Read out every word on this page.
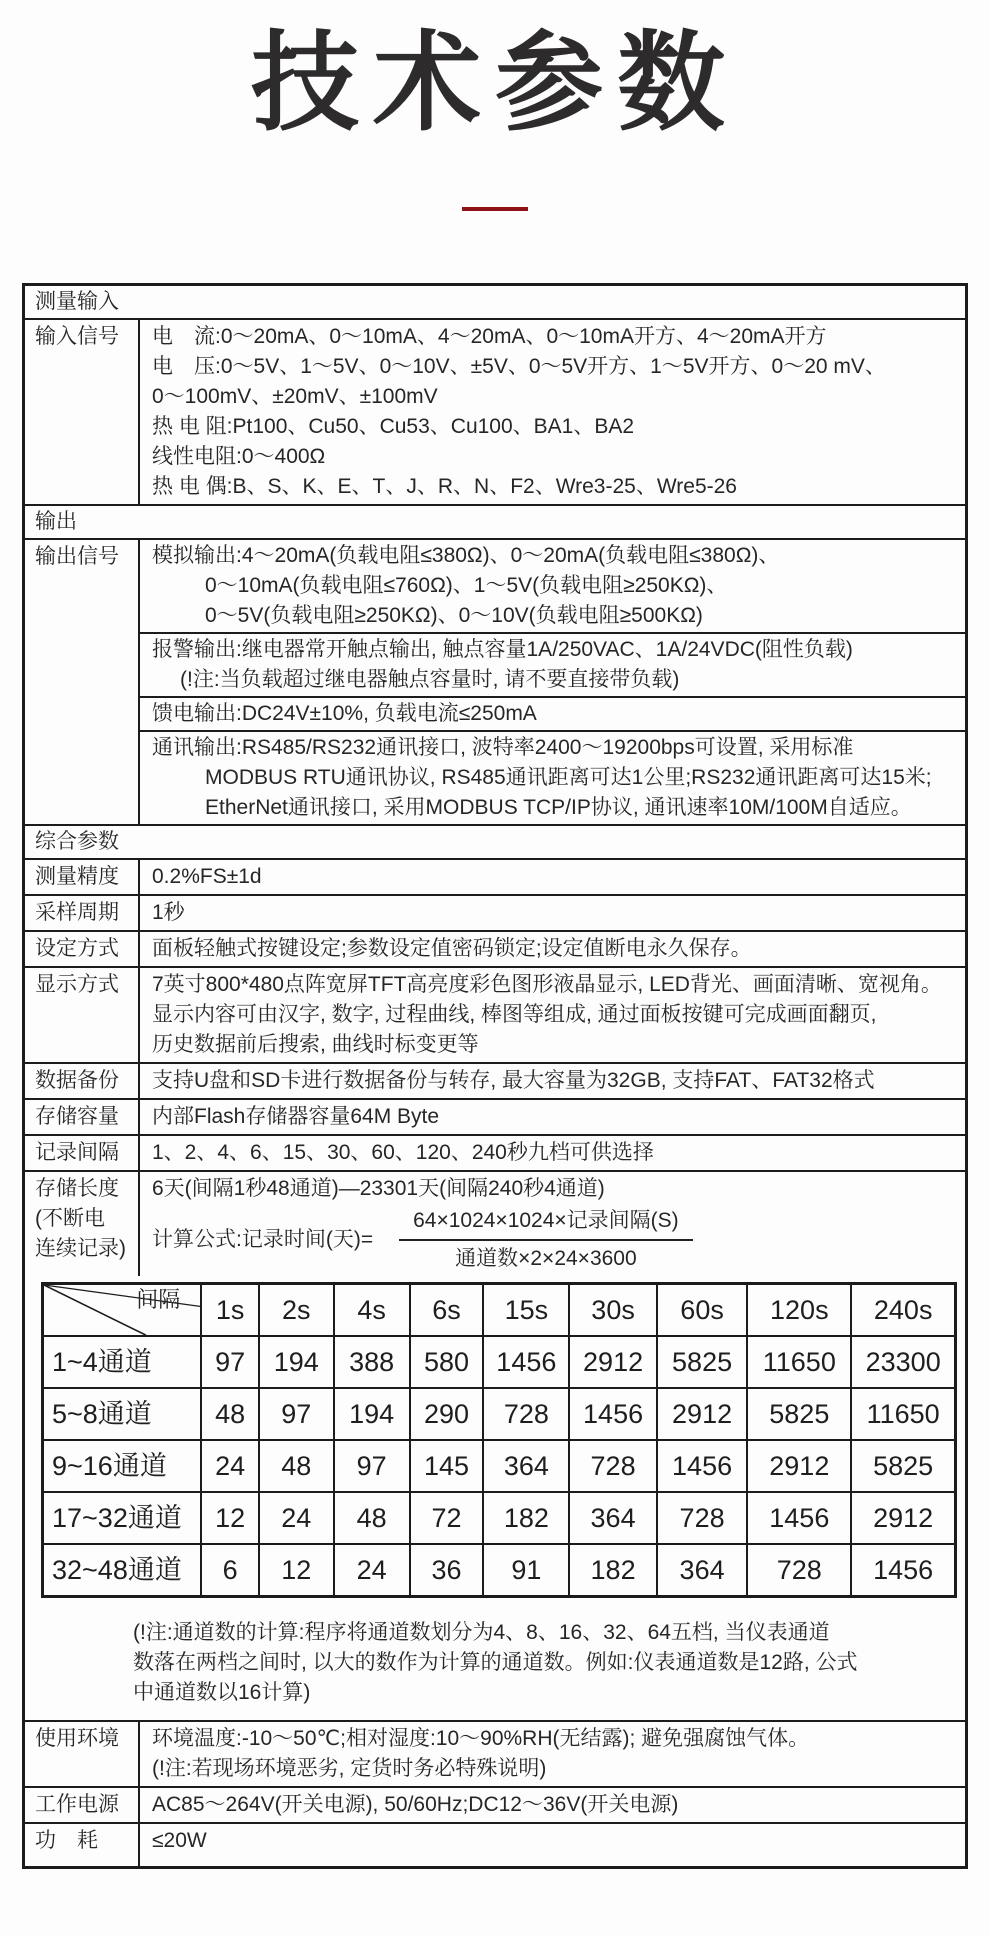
技术参数
测量输入
输入信号	电　流:0～20mA、0～10mA、4～20mA、0～10mA开方、4～20mA开方
电　压:0～5V、1～5V、0～10V、±5V、0～5V开方、1～5V开方、0～20 mV、
0～100mV、±20mV、±100mV
热 电 阻:Pt100、Cu50、Cu53、Cu100、BA1、BA2
线性电阻:0～400Ω
热 电 偶:B、S、K、E、T、J、R、N、F2、Wre3-25、Wre5-26
输出
输出信号	模拟输出:4～20mA(负载电阻≤380Ω)、0～20mA(负载电阻≤380Ω)、
0～10mA(负载电阻≤760Ω)、1～5V(负载电阻≥250KΩ)、
0～5V(负载电阻≥250KΩ)、0～10V(负载电阻≥500KΩ)
报警输出:继电器常开触点输出, 触点容量1A/250VAC、1A/24VDC(阻性负载)
(!注:当负载超过继电器触点容量时, 请不要直接带负载)
馈电输出:DC24V±10%, 负载电流≤250mA
通讯输出:RS485/RS232通讯接口, 波特率2400～19200bps可设置, 采用标准
MODBUS RTU通讯协议, RS485通讯距离可达1公里;RS232通讯距离可达15米;
EtherNet通讯接口, 采用MODBUS TCP/IP协议, 通讯速率10M/100M自适应。
综合参数
测量精度	0.2%FS±1d
采样周期	1秒
设定方式	面板轻触式按键设定;参数设定值密码锁定;设定值断电永久保存。
显示方式	7英寸800*480点阵宽屏TFT高亮度彩色图形液晶显示, LED背光、画面清晰、宽视角。
显示内容可由汉字, 数字, 过程曲线, 棒图等组成, 通过面板按键可完成画面翻页,
历史数据前后搜索, 曲线时标变更等
数据备份	支持U盘和SD卡进行数据备份与转存, 最大容量为32GB, 支持FAT、FAT32格式
存储容量	内部Flash存储器容量64M Byte
记录间隔	1、2、4、6、15、30、60、120、240秒九档可供选择
存储长度
(不断电
连续记录)
6天(间隔1秒48通道)—23301天(间隔240秒4通道)
计算公式:记录时间(天)= $\frac{\text{64×1024×1024×记录间隔(S)}}{\text{通道数×2×24×3600}}$
间隔	1s	2s	4s	6s	15s	30s	60s	120s	240s
1~4通道	97	194	388	580	1456	2912	5825	11650	23300
5~8通道	48	97	194	290	728	1456	2912	5825	11650
9~16通道	24	48	97	145	364	728	1456	2912	5825
17~32通道	12	24	48	72	182	364	728	1456	2912
32~48通道	6	12	24	36	91	182	364	728	1456
(!注:通道数的计算:程序将通道数划分为4、8、16、32、64五档, 当仪表通道
数落在两档之间时, 以大的数作为计算的通道数。例如:仪表通道数是12路, 公式
中通道数以16计算)
使用环境	环境温度:-10～50℃;相对湿度:10～90%RH(无结露); 避免强腐蚀气体。
(!注:若现场环境恶劣, 定货时务必特殊说明)
工作电源	AC85～264V(开关电源), 50/60Hz;DC12～36V(开关电源)
功　耗	≤20W
